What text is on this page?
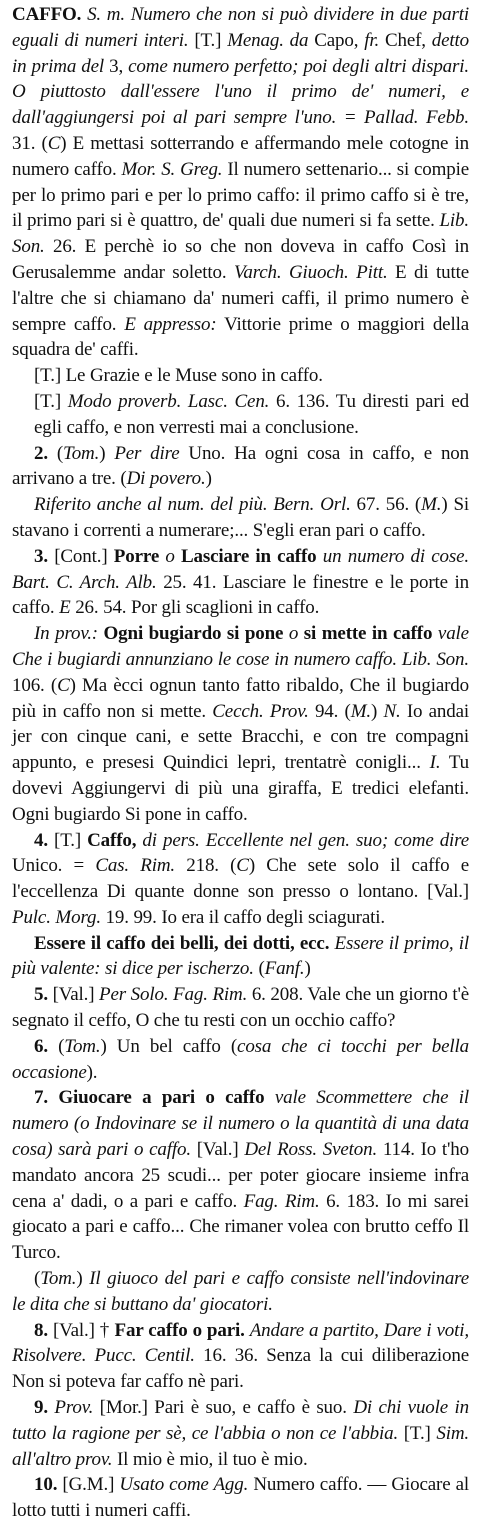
CAFFO. S. m. Numero che non si può dividere in due parti eguali di numeri interi. [T.] Menag. da Capo, fr. Chef, detto in prima del 3, come numero perfetto; poi degli altri dispari. O piuttosto dall'essere l'uno il primo de' numeri, e dall'aggiungersi poi al pari sempre l'uno. = Pallad. Febb. 31. (C) E mettasi sotterrando e affermando mele cotogne in numero caffo. Mor. S. Greg. Il numero settenario... si compie per lo primo pari e per lo primo caffo: il primo caffo si è tre, il primo pari si è quattro, de' quali due numeri si fa sette. Lib. Son. 26. E perchè io so che non doveva in caffo Così in Gerusalemme andar soletto. Varch. Giuoch. Pitt. E di tutte l'altre che si chiamano da' numeri caffi, il primo numero è sempre caffo. E appresso: Vittorie prime o maggiori della squadra de' caffi.

[T.] Le Grazie e le Muse sono in caffo.

[T.] Modo proverb. Lasc. Cen. 6. 136. Tu diresti pari ed egli caffo, e non verresti mai a conclusione.

2. (Tom.) Per dire Uno. Ha ogni cosa in caffo, e non arrivano a tre. (Di povero.)

Riferito anche al num. del più. Bern. Orl. 67. 56. (M.) Si stavano i correnti a numerare;... S'egli eran pari o caffo.

3. [Cont.] Porre o Lasciare in caffo un numero di cose. Bart. C. Arch. Alb. 25. 41. Lasciare le finestre e le porte in caffo. E 26. 54. Por gli scaglioni in caffo.

In prov.: Ogni bugiardo si pone o si mette in caffo vale Che i bugiardi annunziano le cose in numero caffo. Lib. Son. 106. (C) Ma ècci ognun tanto fatto ribaldo, Che il bugiardo più in caffo non si mette. Cecch. Prov. 94. (M.) N. Io andai jer con cinque cani, e sette Bracchi, e con tre compagni appunto, e presesi Quindici lepri, trentatrè conigli... I. Tu dovevi Aggiungervi di più una giraffa, E tredici elefanti. Ogni bugiardo Si pone in caffo.

4. [T.] Caffo, di pers. Eccellente nel gen. suo; come dire Unico. = Cas. Rim. 218. (C) Che sete solo il caffo e l'eccellenza Di quante donne son presso o lontano. [Val.] Pulc. Morg. 19. 99. Io era il caffo degli sciagurati.

Essere il caffo dei belli, dei dotti, ecc. Essere il primo, il più valente: si dice per ischerzo. (Fanf.)

5. [Val.] Per Solo. Fag. Rim. 6. 208. Vale che un giorno t'è segnato il ceffo, O che tu resti con un occhio caffo?

6. (Tom.) Un bel caffo (cosa che ci tocchi per bella occasione).

7. Giuocare a pari o caffo vale Scommettere che il numero (o Indovinare se il numero o la quantità di una data cosa) sarà pari o caffo. [Val.] Del Ross. Sveton. 114. Io t'ho mandato ancora 25 scudi... per poter giocare insieme infra cena a' dadi, o a pari e caffo. Fag. Rim. 6. 183. Io mi sarei giocato a pari e caffo... Che rimaner volea con brutto ceffo Il Turco.

(Tom.) Il giuoco del pari e caffo consiste nell'indovinare le dita che si buttano da' giocatori.

8. [Val.] † Far caffo o pari. Andare a partito, Dare i voti, Risolvere. Pucc. Centil. 16. 36. Senza la cui diliberazione Non si poteva far caffo nè pari.

9. Prov. [Mor.] Pari è suo, e caffo è suo. Di chi vuole in tutto la ragione per sè, ce l'abbia o non ce l'abbia. [T.] Sim. all'altro prov. Il mio è mio, il tuo è mio.

10. [G.M.] Usato come Agg. Numero caffo. — Giocare al lotto tutti i numeri caffi.
